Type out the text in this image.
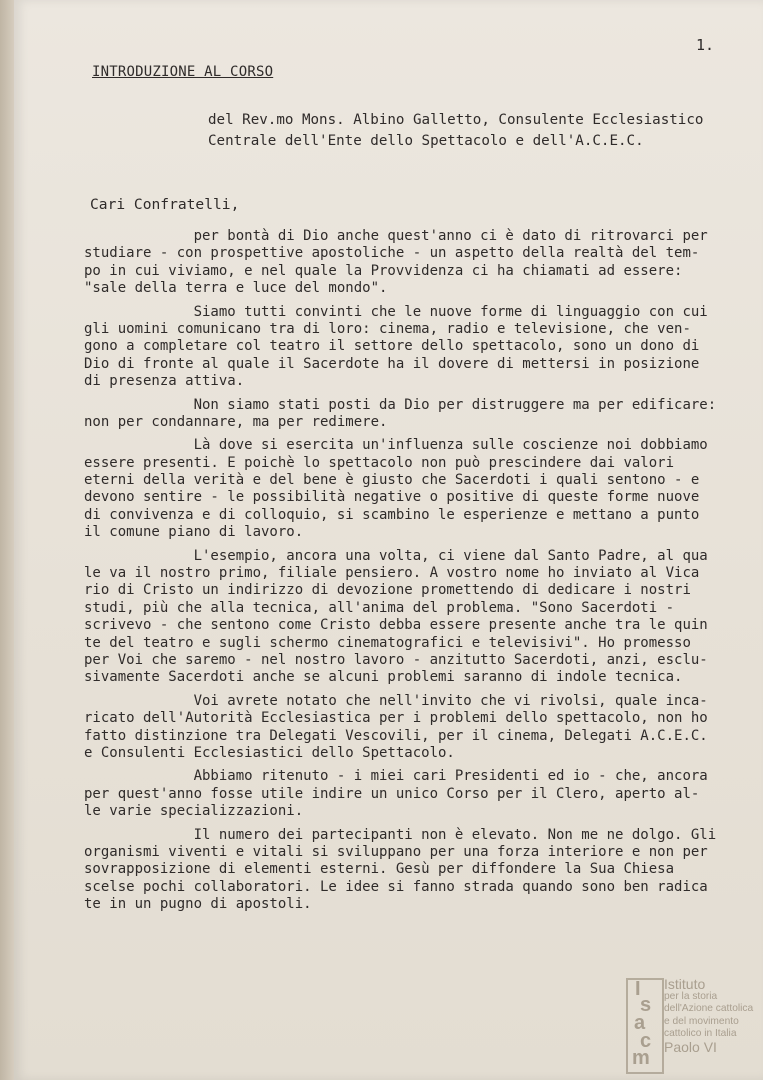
1.
INTRODUZIONE AL CORSO
del Rev.mo Mons. Albino Galletto, Consulente Ecclesiastico
Centrale dell'Ente dello Spettacolo e dell'A.C.E.C.
Cari Confratelli,
per bontà di Dio anche quest'anno ci è dato di ritrovarci per
studiare - con prospettive apostoliche - un aspetto della realtà del tem-
po in cui viviamo, e nel quale la Provvidenza ci ha chiamati ad essere:
"sale della terra e luce del mondo".
Siamo tutti convinti che le nuove forme di linguaggio con cui
gli uomini comunicano tra di loro: cinema, radio e televisione, che ven-
gono a completare col teatro il settore dello spettacolo, sono un dono di
Dio di fronte al quale il Sacerdote ha il dovere di mettersi in posizione
di presenza attiva.
Non siamo stati posti da Dio per distruggere ma per edificare:
non per condannare, ma per redimere.
Là dove si esercita un'influenza sulle coscienze noi dobbiamo
essere presenti. E poichè lo spettacolo non può prescindere dai valori
eterni della verità e del bene è giusto che Sacerdoti i quali sentono - e
devono sentire - le possibilità negative o positive di queste forme nuove
di convivenza e di colloquio, si scambino le esperienze e mettano a punto
il comune piano di lavoro.
L'esempio, ancora una volta, ci viene dal Santo Padre, al qua
le va il nostro primo, filiale pensiero. A vostro nome ho inviato al Vica
rio di Cristo un indirizzo di devozione promettendo di dedicare i nostri
studi, più che alla tecnica, all'anima del problema. "Sono Sacerdoti -
scrivevo - che sentono come Cristo debba essere presente anche tra le quin
te del teatro e sugli schermo cinematografici e televisivi". Ho promesso
per Voi che saremo - nel nostro lavoro - anzitutto Sacerdoti, anzi, esclu-
sivamente Sacerdoti anche se alcuni problemi saranno di indole tecnica.
Voi avrete notato che nell'invito che vi rivolsi, quale inca-
ricato dell'Autorità Ecclesiastica per i problemi dello spettacolo, non ho
fatto distinzione tra Delegati Vescovili, per il cinema, Delegati A.C.E.C.
e Consulenti Ecclesiastici dello Spettacolo.
Abbiamo ritenuto - i miei cari Presidenti ed io - che, ancora
per quest'anno fosse utile indire un unico Corso per il Clero, aperto al-
le varie specializzazioni.
Il numero dei partecipanti non è elevato. Non me ne dolgo. Gli
organismi viventi e vitali si sviluppano per una forza interiore e non per
sovrapposizione di elementi esterni. Gesù per diffondere la Sua Chiesa
scelse pochi collaboratori. Le idee si fanno strada quando sono ben radica
te in un pugno di apostoli.
I
s
a
c
m
Istituto
per la storia
dell'Azione cattolica
e del movimento
cattolico in Italia
Paolo VI
